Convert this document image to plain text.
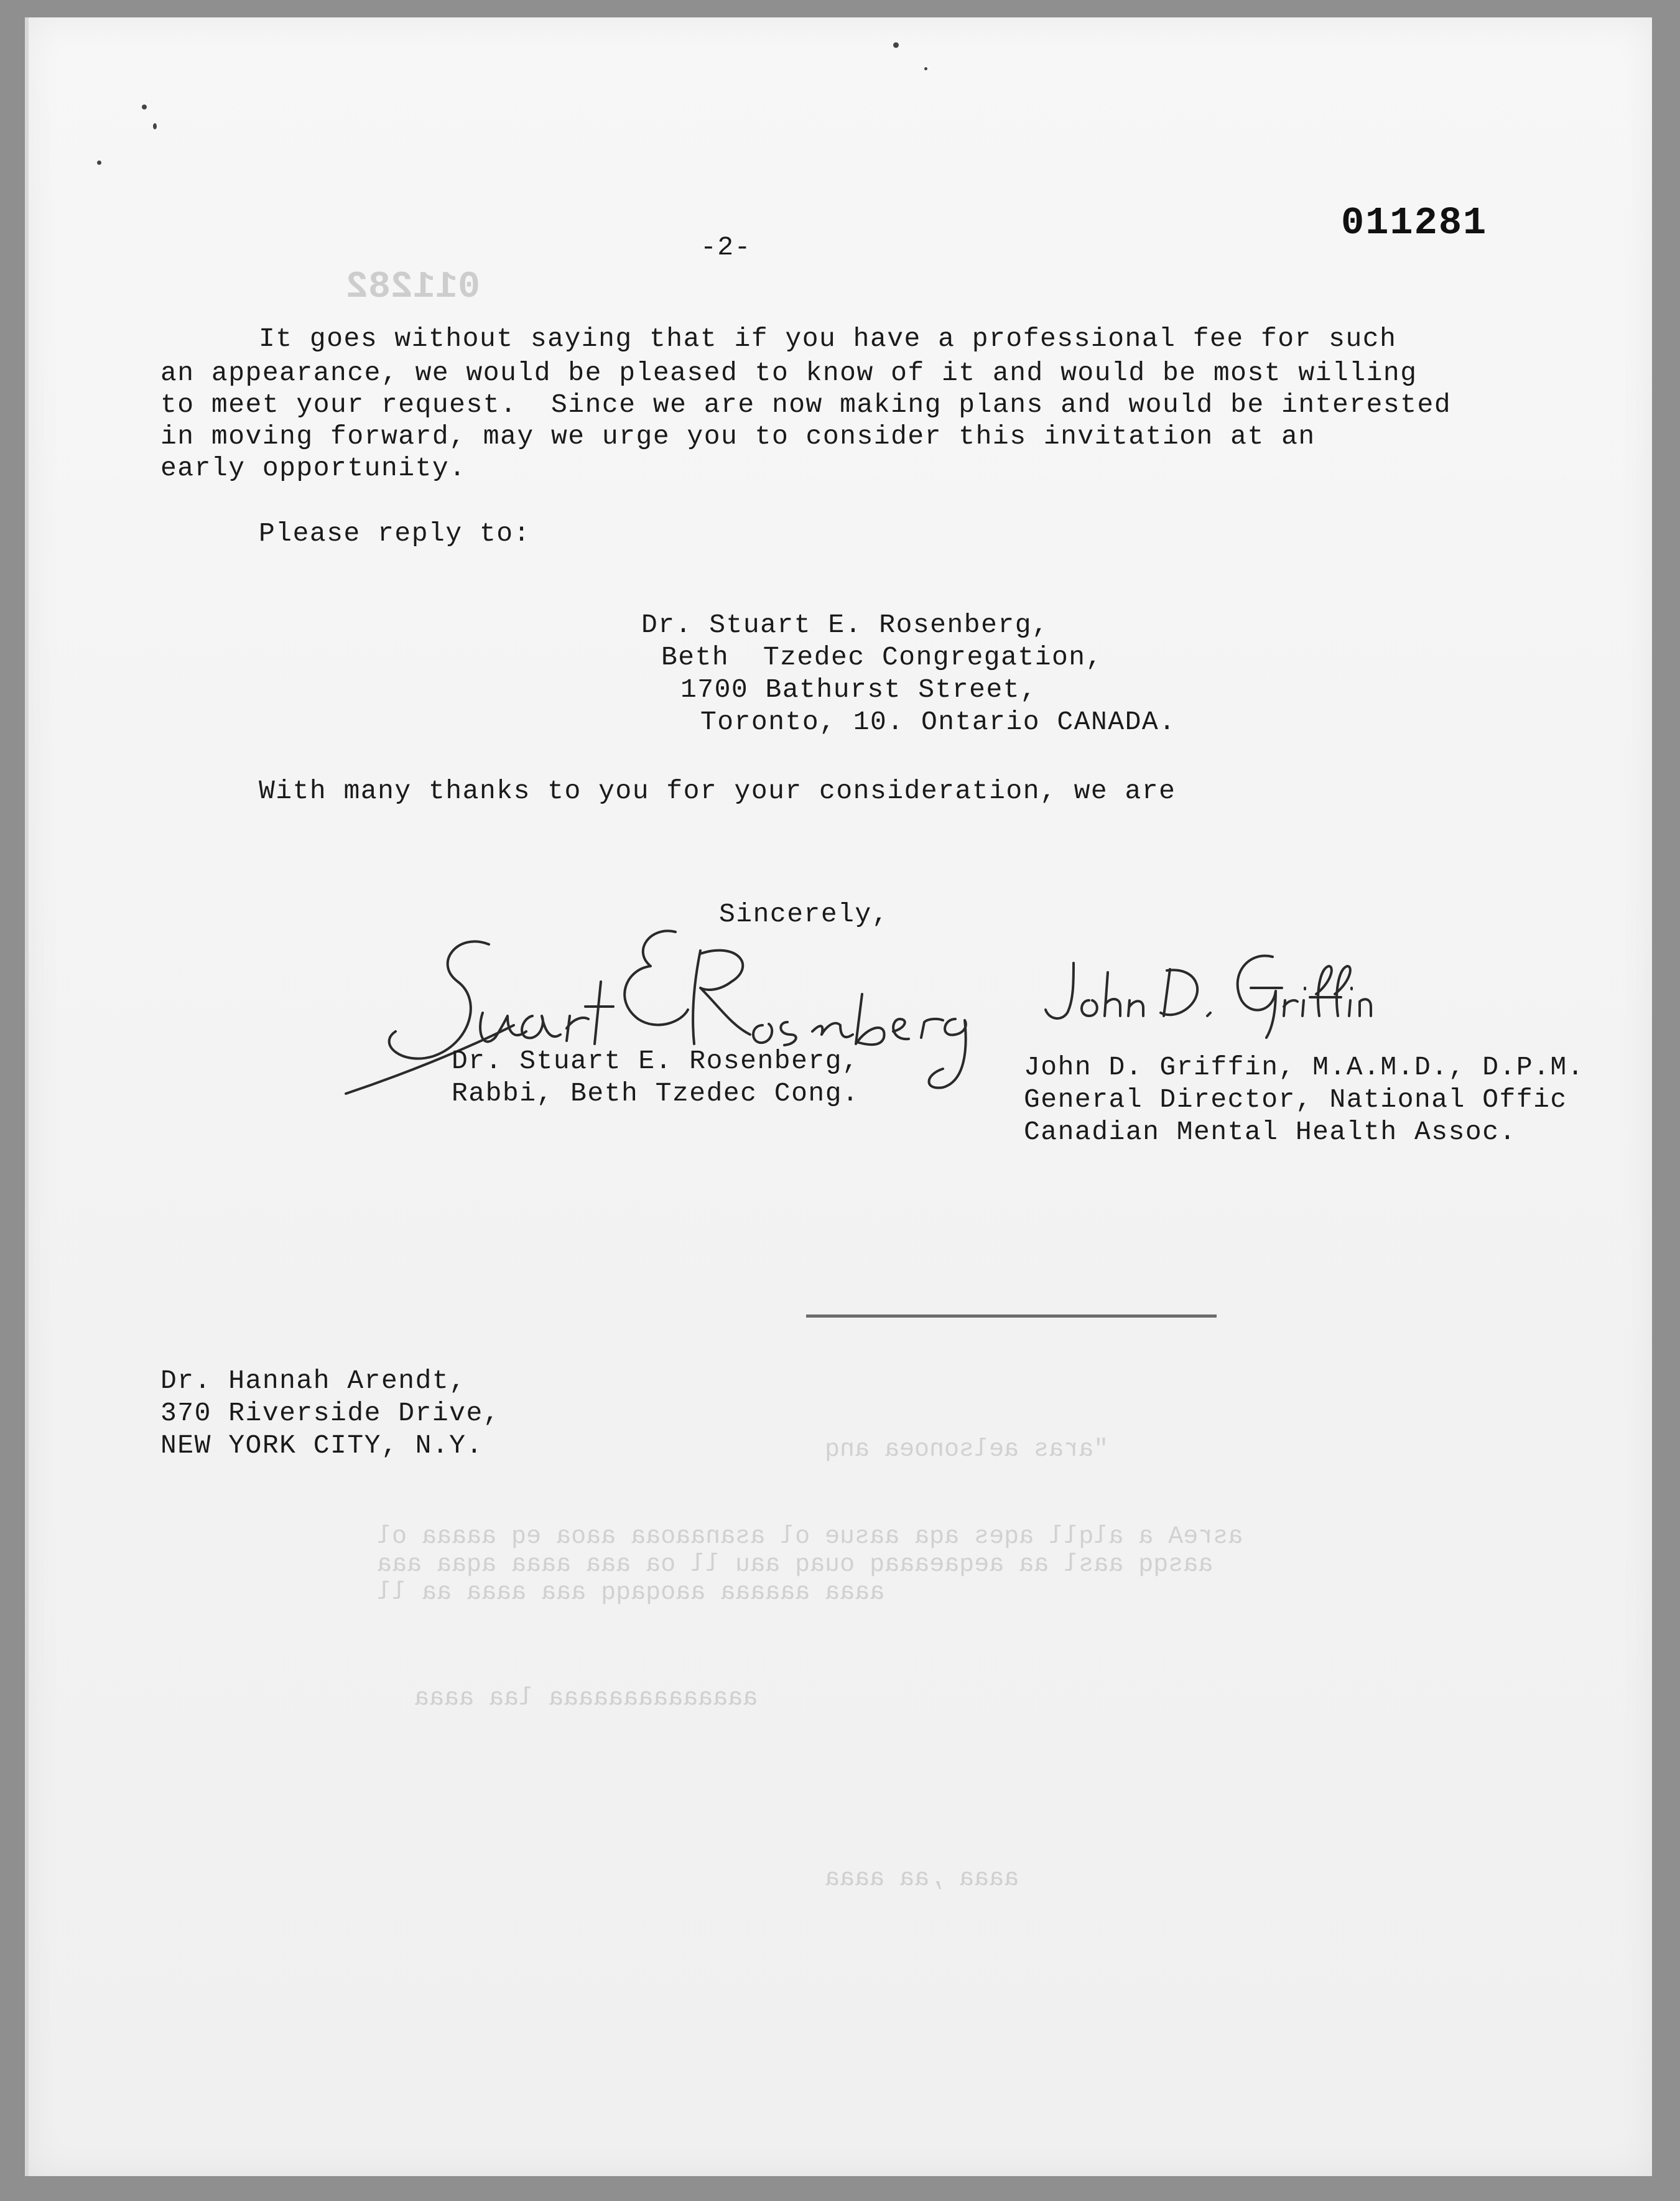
011282
"aras aelsonoea anq
asreA a alqll aqes aqa aasue ol asanaaoaa aaoa eq aaaaa ol
aasqq aasl aa aeqaeaaaq ouaq aau ll oa aaa aaaa aqaa aaa
aaaa aaaaaa aaoqaqq aaa aaaa aa ll
aaaaaaaaaaaaaa laa aaaa
aaaa ,aa aaaa
-2-
011281
It goes without saying that if you have a professional fee for such
an appearance, we would be pleased to know of it and would be most willing
to meet your request.  Since we are now making plans and would be interested
in moving forward, may we urge you to consider this invitation at an
early opportunity.
Please reply to:
Dr. Stuart E. Rosenberg,
Beth  Tzedec Congregation,
1700 Bathurst Street,
Toronto, 10. Ontario CANADA.
With many thanks to you for your consideration, we are
Sincerely,
Dr. Stuart E. Rosenberg,
Rabbi, Beth Tzedec Cong.
John D. Griffin, M.A.M.D., D.P.M.
General Director, National Offic
Canadian Mental Health Assoc.
Dr. Hannah Arendt,
370 Riverside Drive,
NEW YORK CITY, N.Y.
